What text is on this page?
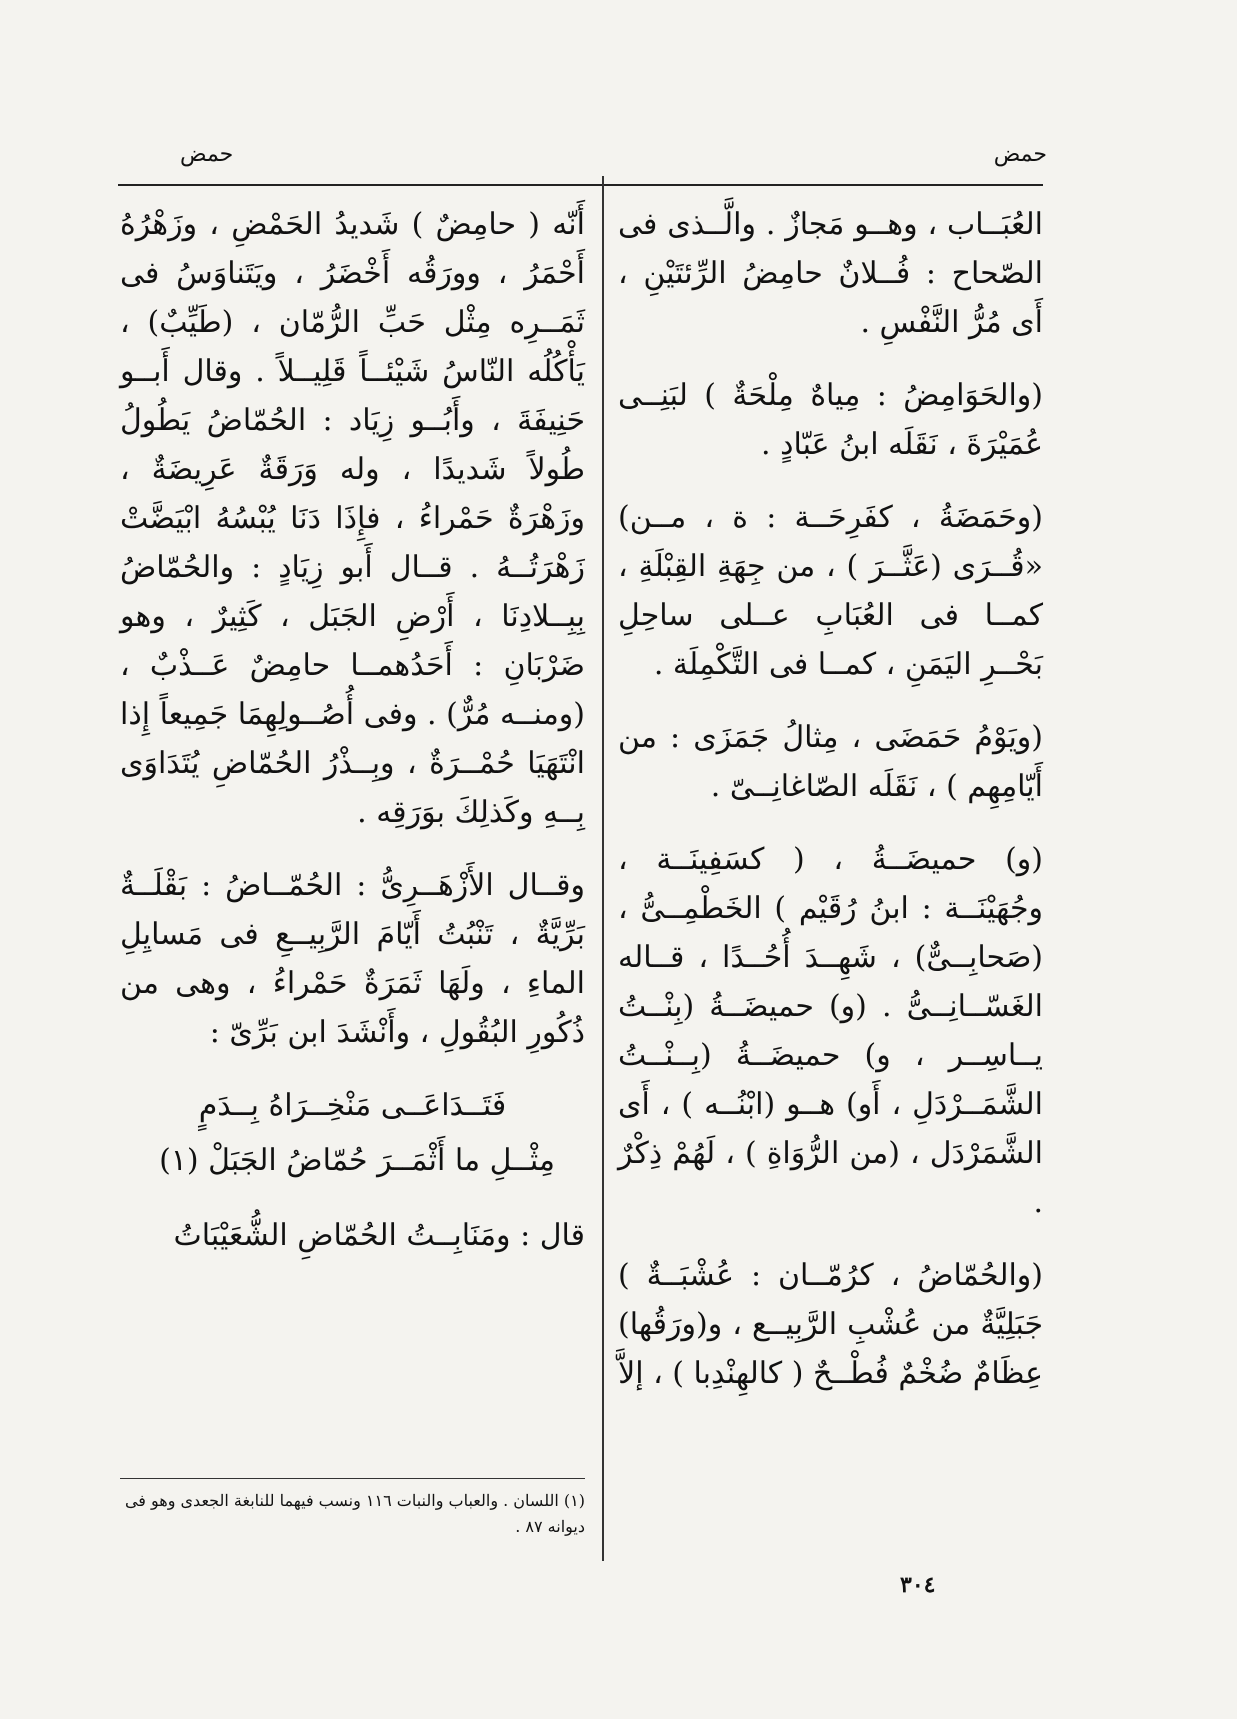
حمض
حمض

العُبَــاب ، وهــو مَجازٌ . والَّــذى فى الصّحاح : فُــلانٌ حامِضُ الرِّئتَيْنِ ، أَى مُرُّ النَّفْسِ .

(والحَوَامِضُ : مِياهٌ مِلْحَةٌ ) لبَنِــى عُمَيْرَةَ ، نَقَلَه ابنُ عَبّادٍ .

(وحَمَضَةُ ، كفَرِحَــة : ة ، مــن) «قُــرَى (عَثَّــرَ ) ، من جِهَةِ القِبْلَةِ ، كمــا فى العُبَابِ عــلى ساحِلِ بَحْــرِ اليَمَنِ ، كمــا فى التَّكْمِلَة .

(ويَوْمُ حَمَضَى ، مِثالُ جَمَزَى : من أَيّامِهِم ) ، نَقَلَه الصّاغانِــىّ .

(و) حميضَــةُ ، ( كسَفِينَــة ، وجُهَيْنَــة : ابنُ رُقَيْم ) الخَطْمِــىُّ ، (صَحابِــىٌّ) ، شَهِــدَ أُحُــدًا ، قــاله الغَسّــانِــىُّ . (و) حميضَــةُ (بِنْــتُ يــاسِــر ، و) حميضَــةُ (بِــنْــتُ الشَّمَــرْدَلِ ، أَو) هــو (ابْنُــه ) ، أَى الشَّمَرْدَل ، (من الرُّوَاةِ ) ، لَهُمْ ذِكْرٌ .

(والحُمّاضُ ، كرُمّــان : عُشْبَــةٌ ) جَبَلِيَّةٌ من عُشْبِ الرَّبِيــع ، و(ورَقُها) عِظَامٌ ضُخْمٌ فُطْــحٌ ( كالهِنْدِبا ) ، إلاَّ

أَنّه ( حامِضٌ ) شَديدُ الحَمْضِ ، وزَهْرُهُ أَحْمَرُ ، وورَقُه أَخْضَرُ ، ويَتَناوَسُ فى ثَمَــرِه مِثْل حَبِّ الرُّمّان ، (طَيِّبٌ) ، يَأْكُلُه النّاسُ شَيْئــاً قَلِيــلاً . وقال أَبــو حَنِيفَةَ ، وأَبُــو زِيَاد : الحُمّاضُ يَطُولُ طُولاً شَديدًا ، وله وَرَقَةٌ عَرِيضَةٌ ، وزَهْرَةٌ حَمْراءُ ، فإِذَا دَنَا يُبْسُهُ ابْيَضَّتْ زَهْرَتُــهُ . قــال أَبو زِيَادٍ : والحُمّاضُ بِبِــلادِنَا ، أَرْضِ الجَبَل ، كَثِيرٌ ، وهو ضَرْبَانِ : أَحَدُهمــا حامِضٌ عَــذْبٌ ، (ومنــه مُرٌّ) . وفى أُصُــولِهِمَا جَمِيعاً إِذا انْتَهَيَا حُمْــرَةٌ ، وبِــذْرُ الحُمّاضِ يُتَدَاوَى بِــهِ وكَذلِكَ بوَرَقِه .

وقــال الأَزْهَــرِىُّ : الحُمّــاضُ : بَقْلَــةٌ بَرِّيَّةٌ ، تَنْبُتُ أَيّامَ الرَّبِيــعِ فى مَسايِلِ الماءِ ، ولَهَا ثَمَرَةٌ حَمْراءُ ، وهى من ذُكُورِ البُقُولِ ، وأَنْشَدَ ابن بَرِّىّ :

فَتَــدَاعَــى مَنْخِــرَاهُ بِــدَمٍ

مِثْــلِ ما أَثْمَــرَ حُمّاضُ الجَبَلْ (١)

قال : ومَنَابِــتُ الحُمّاضِ الشُّعَيْبَاتُ

(١) اللسان . والعباب والنبات ١١٦ ونسب فيهما للنابغة الجعدى وهو فى ديوانه ٨٧ .
٣٠٤
